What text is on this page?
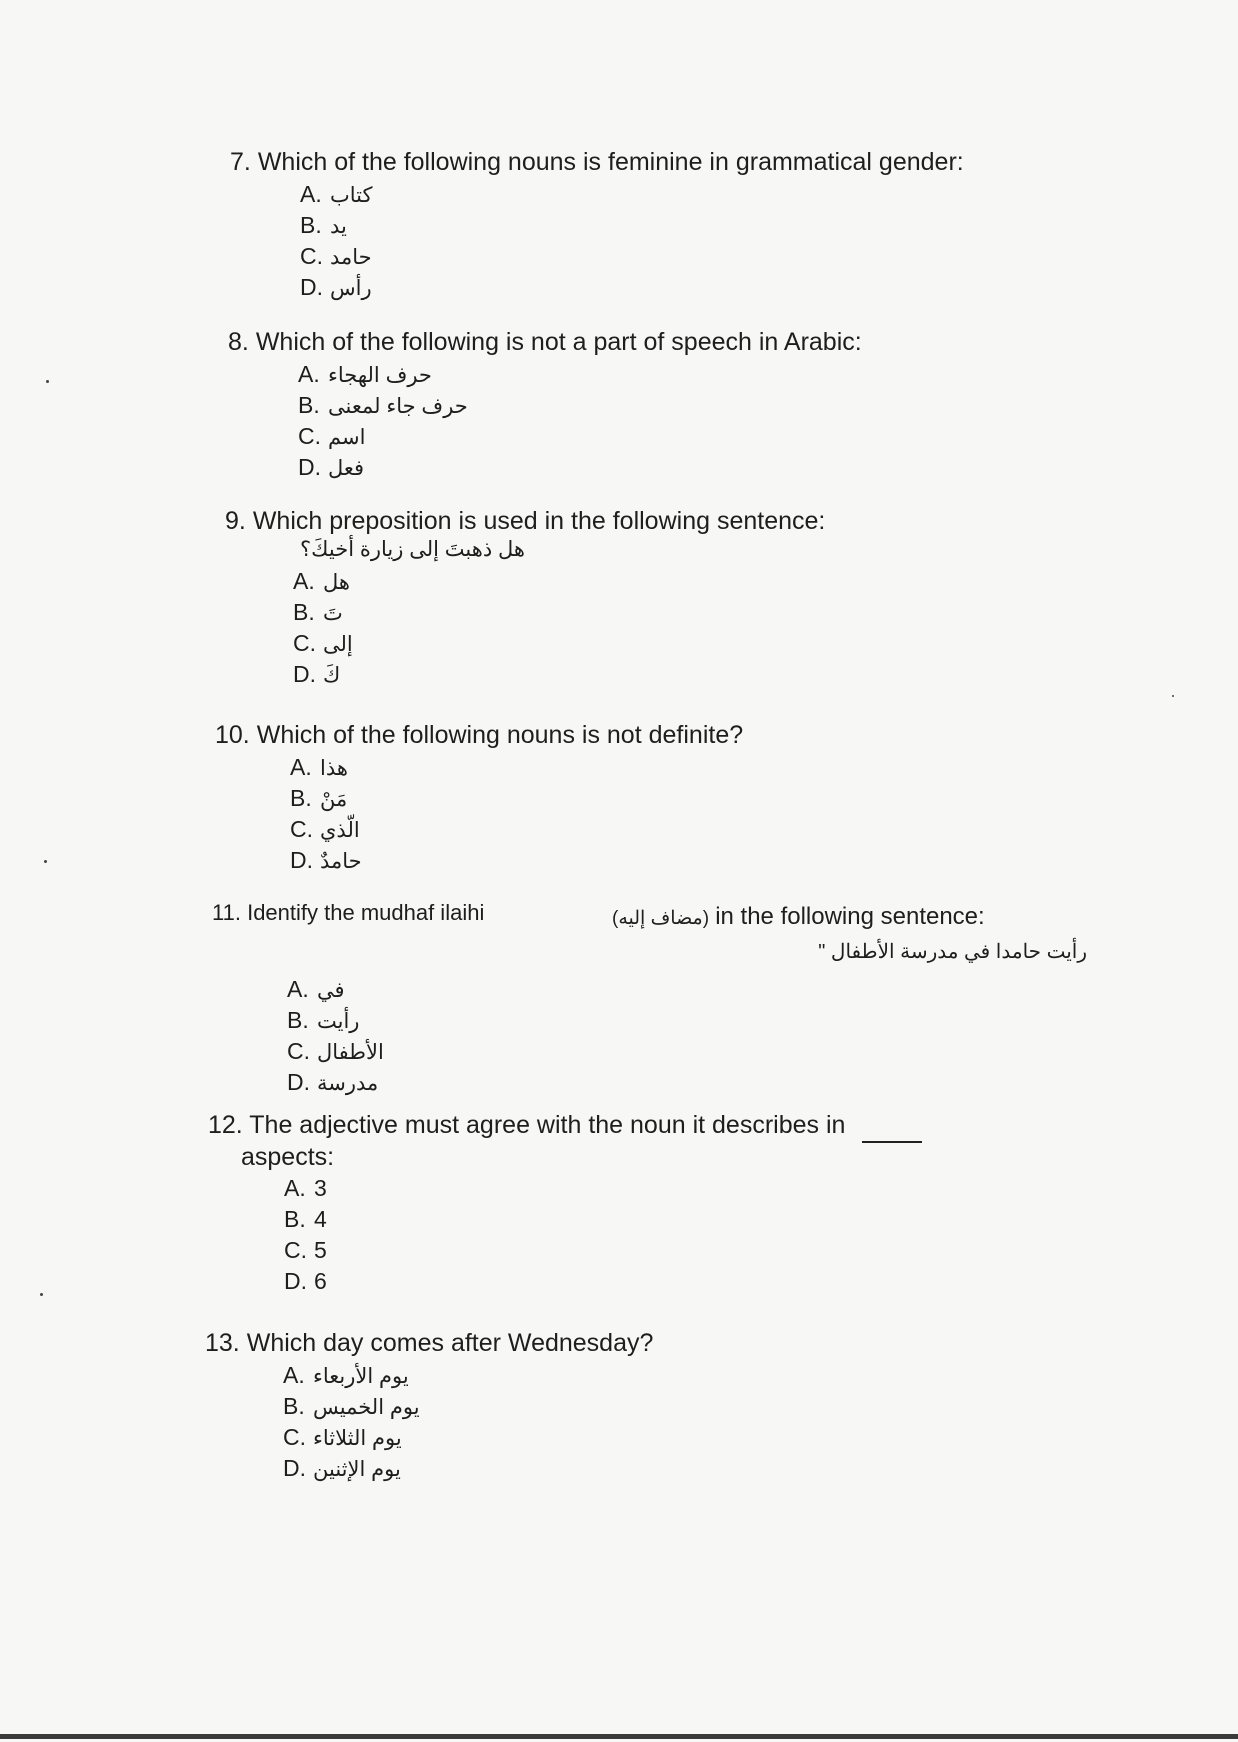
7. Which of the following nouns is feminine in grammatical gender:
A. كتاب
B. يد
C. حامد
D. رأس
8. Which of the following is not a part of speech in Arabic:
A. حرف الهجاء
B. حرف جاء لمعنى
C. اسم
D. فعل
9. Which preposition is used in the following sentence:
هل ذهبتَ إلى زيارة أخيكَ؟
A. هل
B. تَ
C. إلى
D. كَ
10. Which of the following nouns is not definite?
A. هذا
B. مَنْ
C. الّذي
D. حامدٌ
11. Identify the mudhaf ilaihi	(مضاف إليه) in the following sentence:
رأيت حامدا في مدرسة الأطفال "
A. في
B. رأيت
C. الأطفال
D. مدرسة
12. The adjective must agree with the noun it describes in
aspects:
A. 3
B. 4
C. 5
D. 6
13. Which day comes after Wednesday?
A. يوم الأربعاء
B. يوم الخميس
C. يوم الثلاثاء
D. يوم الإثنين
